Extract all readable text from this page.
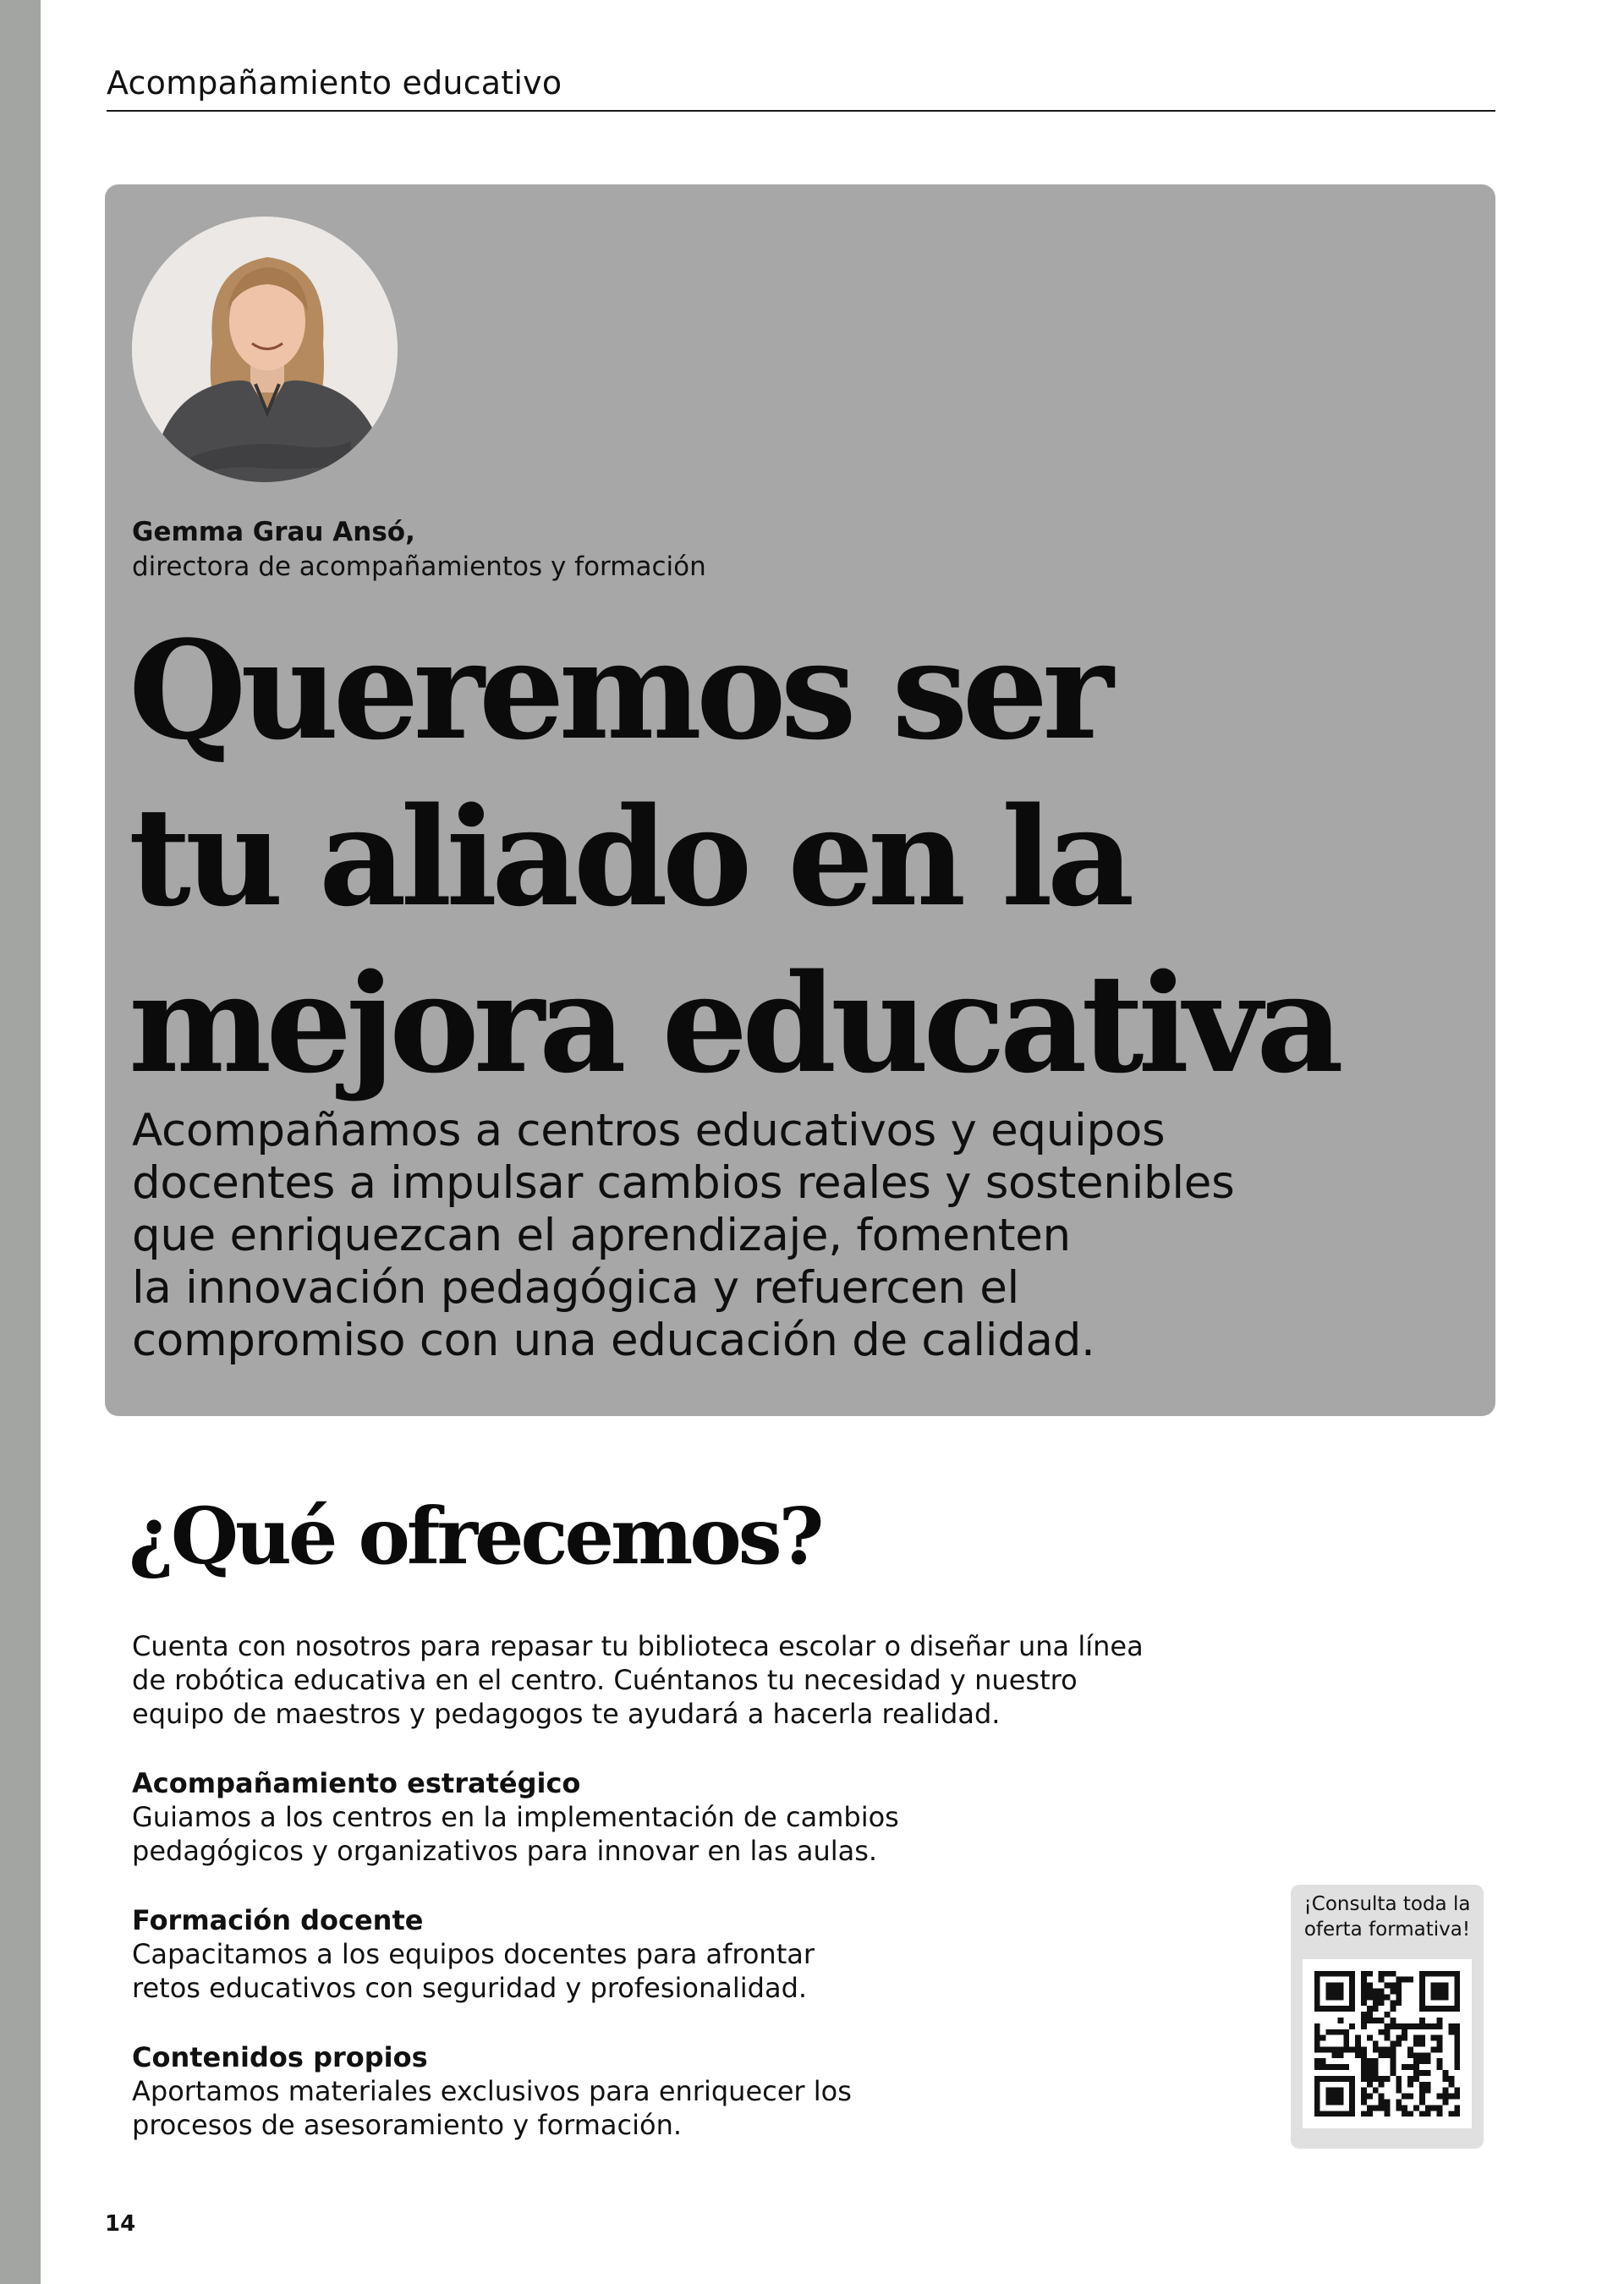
Acompañamiento educativo
Gemma Grau Ansó,
directora de acompañamientos y formación
Queremos ser
tu aliado en la
mejora educativa

Acompañamos a centros educativos y equipos
docentes a impulsar cambios reales y sostenibles
que enriquezcan el aprendizaje, fomenten
la innovación pedagógica y refuercen el
compromiso con una educación de calidad.

¿Qué ofrecemos?
Cuenta con nosotros para repasar tu biblioteca escolar o diseñar una línea
de robótica educativa en el centro. Cuéntanos tu necesidad y nuestro
equipo de maestros y pedagogos te ayudará a hacerla realidad.
Acompañamiento estratégico
Guiamos a los centros en la implementación de cambios
pedagógicos y organizativos para innovar en las aulas.
Formación docente
Capacitamos a los equipos docentes para afrontar
retos educativos con seguridad y profesionalidad.
Contenidos propios
Aportamos materiales exclusivos para enriquecer los
procesos de asesoramiento y formación.
¡Consulta toda la
oferta formativa!
14
